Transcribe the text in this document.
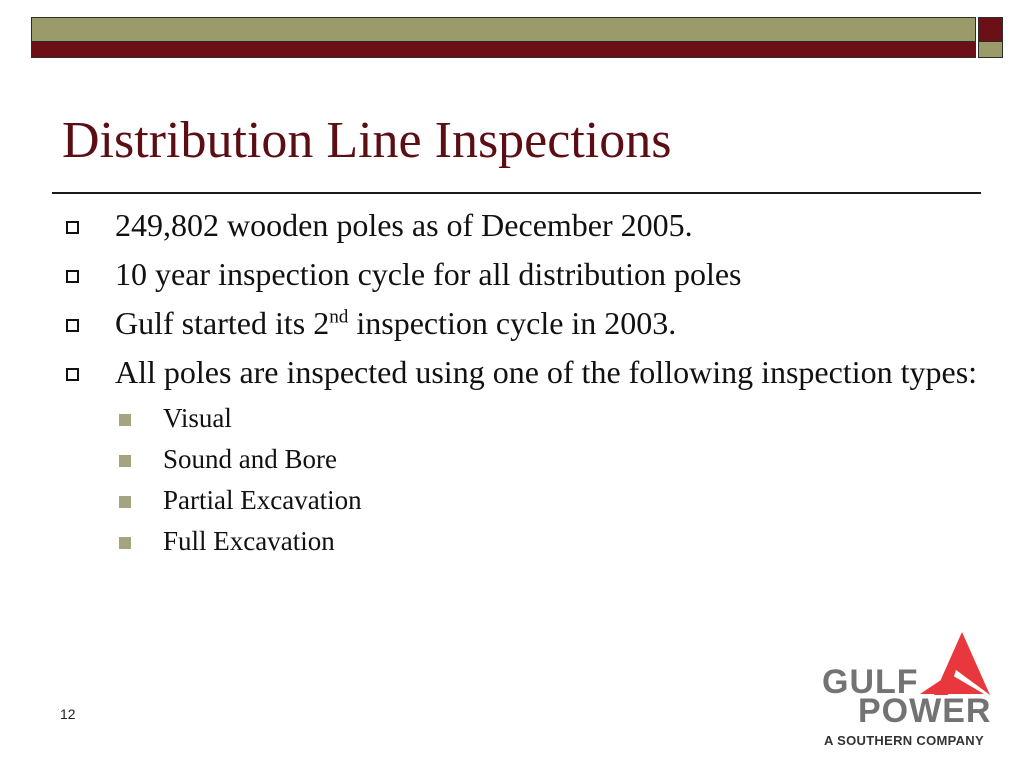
Distribution Line Inspections
249,802 wooden poles as of December 2005.
10 year inspection cycle for all distribution poles
Gulf started its 2nd inspection cycle in 2003.
All poles are inspected using one of the following inspection types:
Visual
Sound and Bore
Partial Excavation
Full Excavation
12
GULF
POWER
A SOUTHERN COMPANY
